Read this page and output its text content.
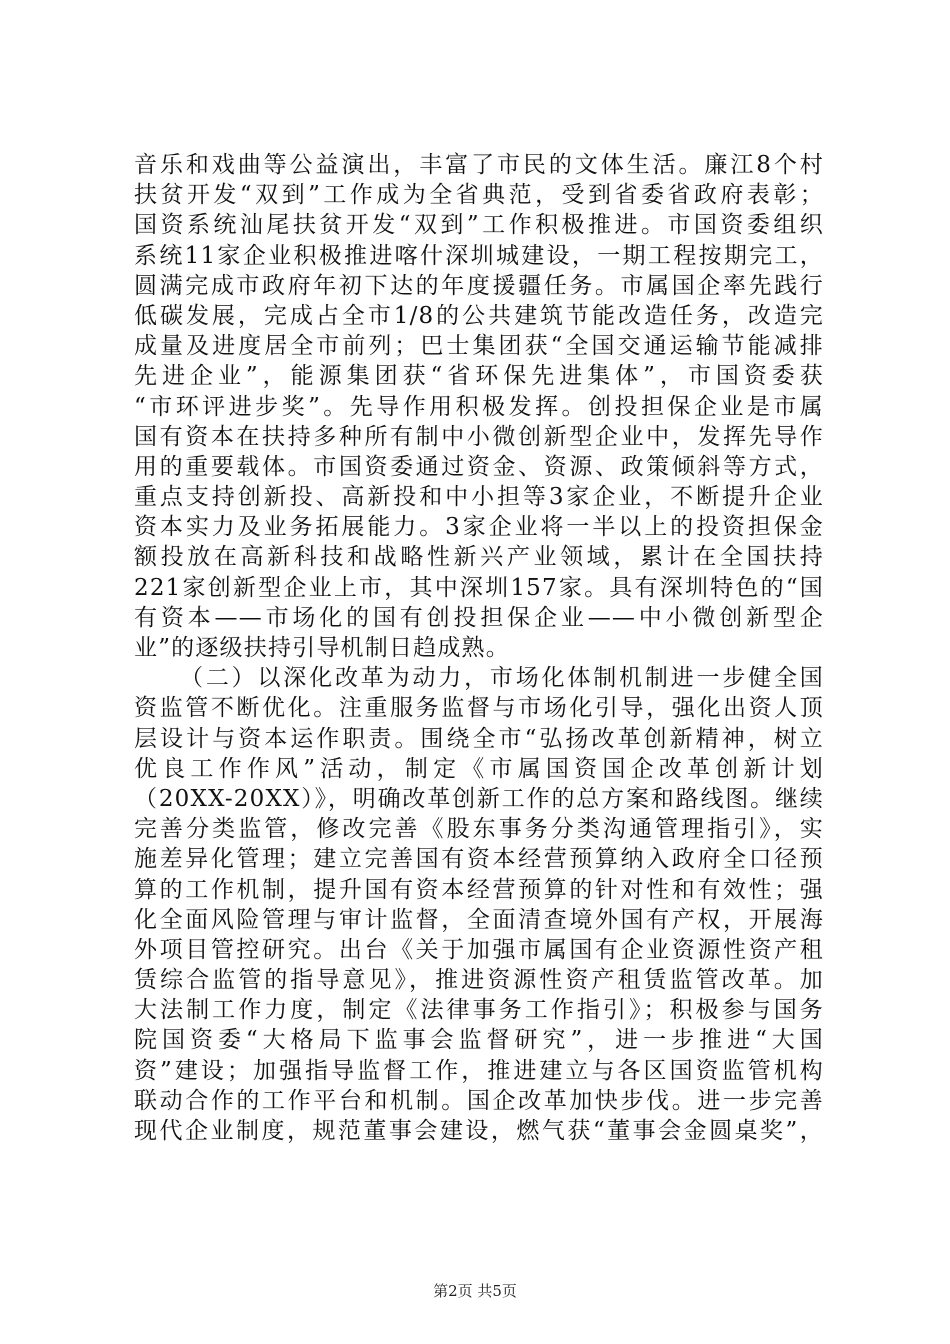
音乐和戏曲等公益演出，丰富了市民的文体生活。廉江8个村
扶贫开发“双到”工作成为全省典范，受到省委省政府表彰；
国资系统汕尾扶贫开发“双到”工作积极推进。市国资委组织
系统11家企业积极推进喀什深圳城建设，一期工程按期完工，
圆满完成市政府年初下达的年度援疆任务。市属国企率先践行
低碳发展，完成占全市1/8的公共建筑节能改造任务，改造完
成量及进度居全市前列；巴士集团获“全国交通运输节能减排
先进企业”，能源集团获“省环保先进集体”，市国资委获
“市环评进步奖”。先导作用积极发挥。创投担保企业是市属
国有资本在扶持多种所有制中小微创新型企业中，发挥先导作
用的重要载体。市国资委通过资金、资源、政策倾斜等方式，
重点支持创新投、高新投和中小担等3家企业，不断提升企业
资本实力及业务拓展能力。3家企业将一半以上的投资担保金
额投放在高新科技和战略性新兴产业领域，累计在全国扶持
221家创新型企业上市，其中深圳157家。具有深圳特色的“国
有资本——市场化的国有创投担保企业——中小微创新型企
业”的逐级扶持引导机制日趋成熟。
（二）以深化改革为动力，市场化体制机制进一步健全国
资监管不断优化。注重服务监督与市场化引导，强化出资人顶
层设计与资本运作职责。围绕全市“弘扬改革创新精神，树立
优良工作作风”活动，制定《市属国资国企改革创新计划
（20XX-20XX）》，明确改革创新工作的总方案和路线图。继续
完善分类监管，修改完善《股东事务分类沟通管理指引》，实
施差异化管理；建立完善国有资本经营预算纳入政府全口径预
算的工作机制，提升国有资本经营预算的针对性和有效性；强
化全面风险管理与审计监督，全面清查境外国有产权，开展海
外项目管控研究。出台《关于加强市属国有企业资源性资产租
赁综合监管的指导意见》，推进资源性资产租赁监管改革。加
大法制工作力度，制定《法律事务工作指引》；积极参与国务
院国资委“大格局下监事会监督研究”，进一步推进“大国
资”建设；加强指导监督工作，推进建立与各区国资监管机构
联动合作的工作平台和机制。国企改革加快步伐。进一步完善
现代企业制度，规范董事会建设，燃气获“董事会金圆桌奖”，
第2页 共5页
